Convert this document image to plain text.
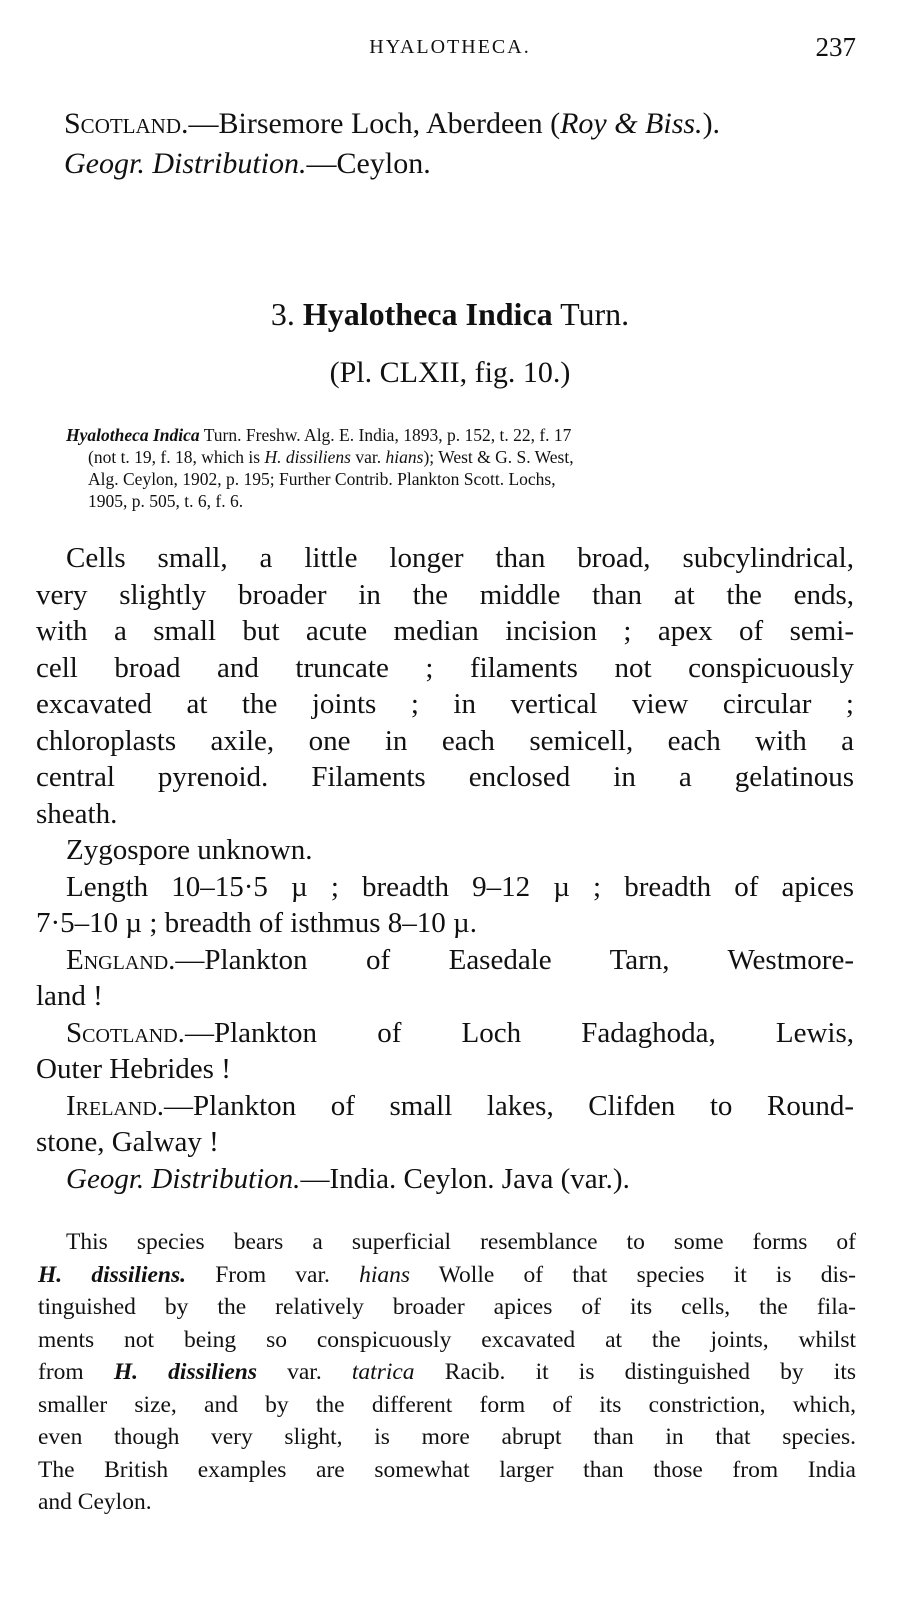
HYALOTHECA.	237

Scotland.—Birsemore Loch, Aberdeen (Roy & Biss.).

Geogr. Distribution.—Ceylon.

3. Hyalotheca Indica Turn.
(Pl. CLXII, fig. 10.)

Hyalotheca Indica Turn. Freshw. Alg. E. India, 1893, p. 152, t. 22, f. 17

(not t. 19, f. 18, which is H. dissiliens var. hians); West & G. S. West,

Alg. Ceylon, 1902, p. 195; Further Contrib. Plankton Scott. Lochs,

1905, p. 505, t. 6, f. 6.

Cells small, a little longer than broad, subcylindrical,
very slightly broader in the middle than at the ends,
with a small but acute median incision ; apex of semi-
cell broad and truncate ; filaments not conspicuously
excavated at the joints ; in vertical view circular ;
chloroplasts axile, one in each semicell, each with a
central pyrenoid. Filaments enclosed in a gelatinous
sheath.
Zygospore unknown.
Length 10–15·5 µ ; breadth 9–12 µ ; breadth of apices
7·5–10 µ ; breadth of isthmus 8–10 µ.
England.—Plankton of Easedale Tarn, Westmore-
land !
Scotland.—Plankton of Loch Fadaghoda, Lewis,
Outer Hebrides !
Ireland.—Plankton of small lakes, Clifden to Round-
stone, Galway !
Geogr. Distribution.—India. Ceylon. Java (var.).
This species bears a superficial resemblance to some forms of
H. dissiliens. From var. hians Wolle of that species it is dis-
tinguished by the relatively broader apices of its cells, the fila-
ments not being so conspicuously excavated at the joints, whilst
from H. dissiliens var. tatrica Racib. it is distinguished by its
smaller size, and by the different form of its constriction, which,
even though very slight, is more abrupt than in that species.
The British examples are somewhat larger than those from India
and Ceylon.
